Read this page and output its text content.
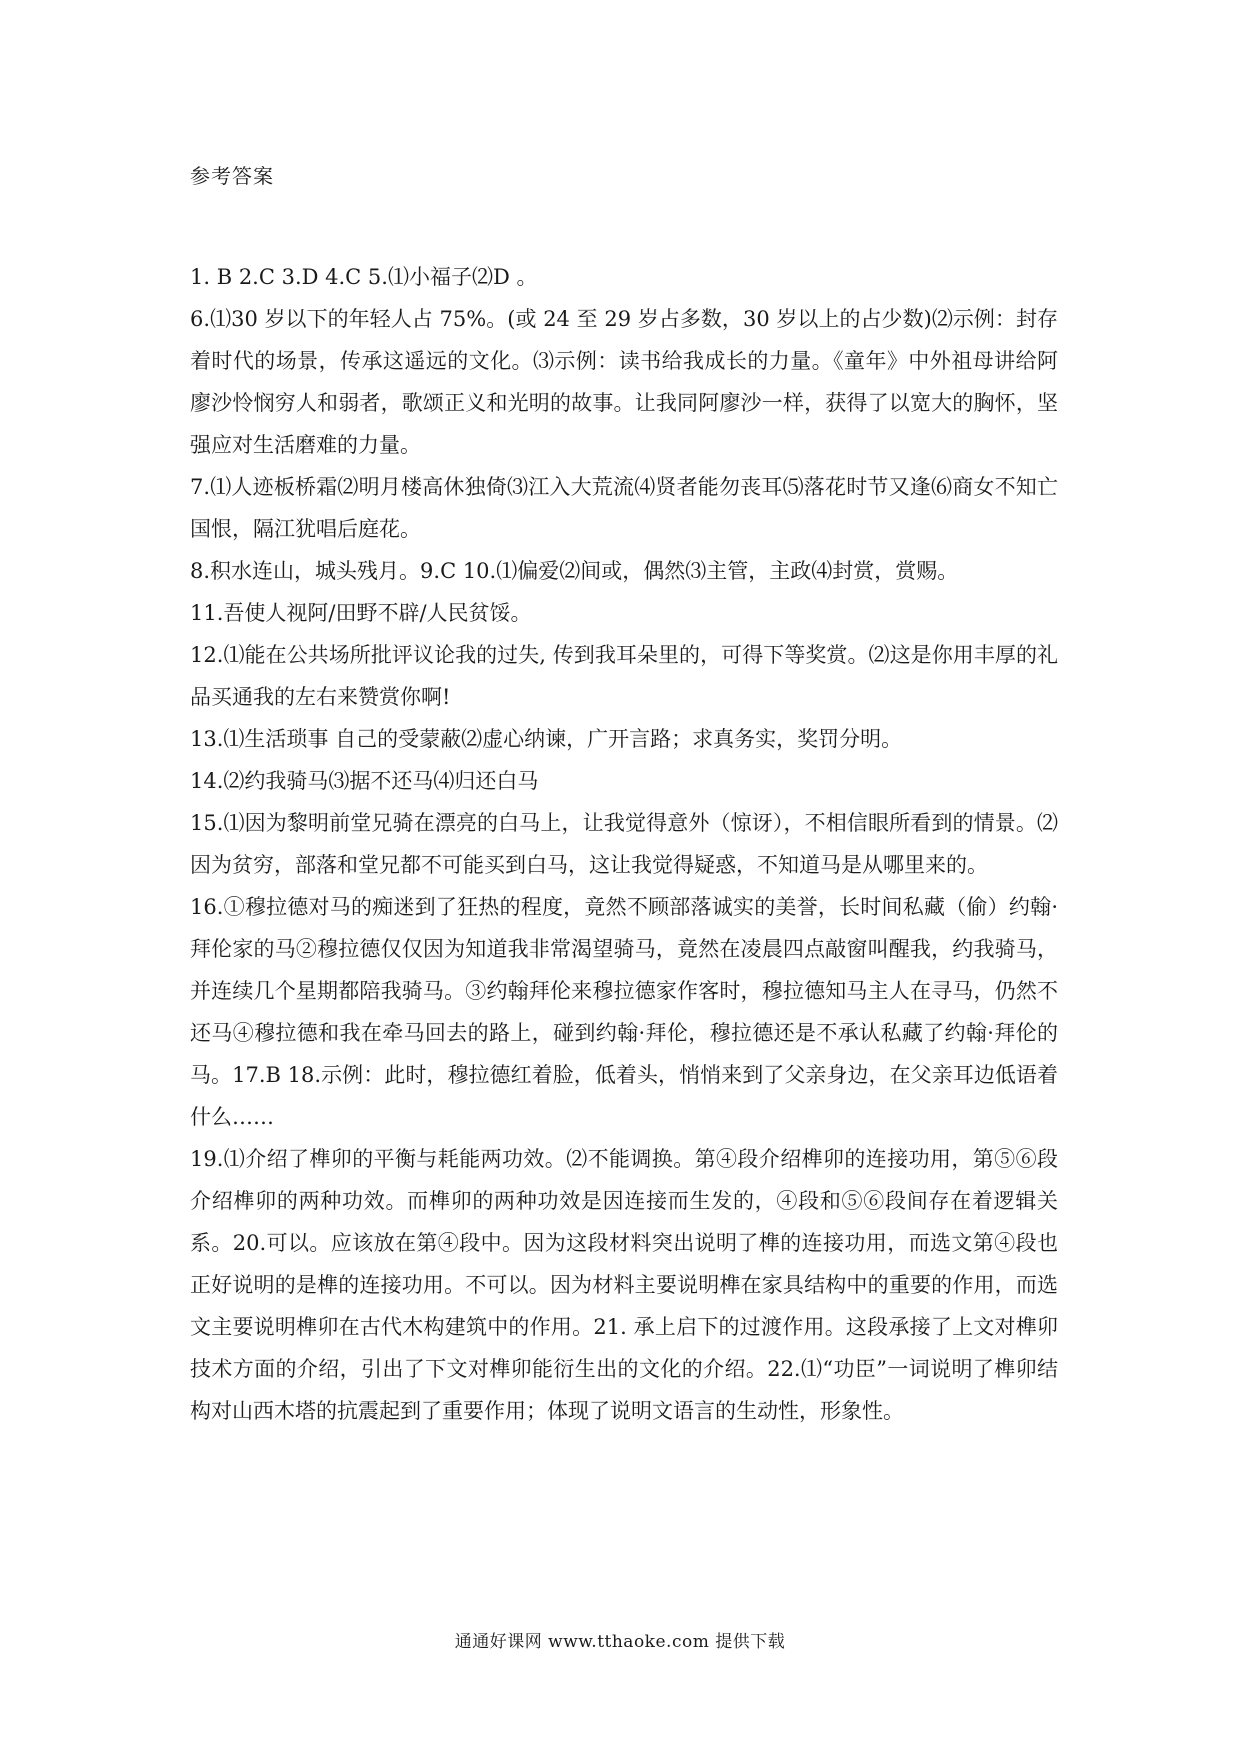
参考答案

1. B 2.C 3.D 4.C 5.⑴小福子⑵D 。

6.⑴30 岁以下的年轻人占 75%。(或 24 至 29 岁占多数，30 岁以上的占少数)⑵示例：封存着时代的场景，传承这遥远的文化。⑶示例：读书给我成长的力量。《童年》中外祖母讲给阿廖沙怜悯穷人和弱者，歌颂正义和光明的故事。让我同阿廖沙一样，获得了以宽大的胸怀，坚强应对生活磨难的力量。

7.⑴人迹板桥霜⑵明月楼高休独倚⑶江入大荒流⑷贤者能勿丧耳⑸落花时节又逢⑹商女不知亡国恨，隔江犹唱后庭花。

8.积水连山，城头残月。9.C 10.⑴偏爱⑵间或，偶然⑶主管，主政⑷封赏，赏赐。

11.吾使人视阿/田野不辟/人民贫馁。

12.⑴能在公共场所批评议论我的过失, 传到我耳朵里的，可得下等奖赏。⑵这是你用丰厚的礼品买通我的左右来赞赏你啊!

13.⑴生活琐事 自己的受蒙蔽⑵虚心纳谏，广开言路；求真务实，奖罚分明。

14.⑵约我骑马⑶据不还马⑷归还白马

15.⑴因为黎明前堂兄骑在漂亮的白马上，让我觉得意外（惊讶），不相信眼所看到的情景。⑵因为贫穷，部落和堂兄都不可能买到白马，这让我觉得疑惑，不知道马是从哪里来的。

16.①穆拉德对马的痴迷到了狂热的程度，竟然不顾部落诚实的美誉，长时间私藏（偷）约翰·拜伦家的马②穆拉德仅仅因为知道我非常渴望骑马，竟然在凌晨四点敲窗叫醒我，约我骑马，并连续几个星期都陪我骑马。③约翰拜伦来穆拉德家作客时，穆拉德知马主人在寻马，仍然不还马④穆拉德和我在牵马回去的路上，碰到约翰·拜伦，穆拉德还是不承认私藏了约翰·拜伦的马。17.B 18.示例：此时，穆拉德红着脸，低着头，悄悄来到了父亲身边，在父亲耳边低语着什么……

19.⑴介绍了榫卯的平衡与耗能两功效。⑵不能调换。第④段介绍榫卯的连接功用，第⑤⑥段介绍榫卯的两种功效。而榫卯的两种功效是因连接而生发的，④段和⑤⑥段间存在着逻辑关系。20.可以。应该放在第④段中。因为这段材料突出说明了榫的连接功用，而选文第④段也正好说明的是榫的连接功用。不可以。因为材料主要说明榫在家具结构中的重要的作用，而选文主要说明榫卯在古代木构建筑中的作用。21. 承上启下的过渡作用。这段承接了上文对榫卯技术方面的介绍，引出了下文对榫卯能衍生出的文化的介绍。22.⑴“功臣”一词说明了榫卯结构对山西木塔的抗震起到了重要作用；体现了说明文语言的生动性，形象性。

通通好课网 www.tthaoke.com 提供下载
